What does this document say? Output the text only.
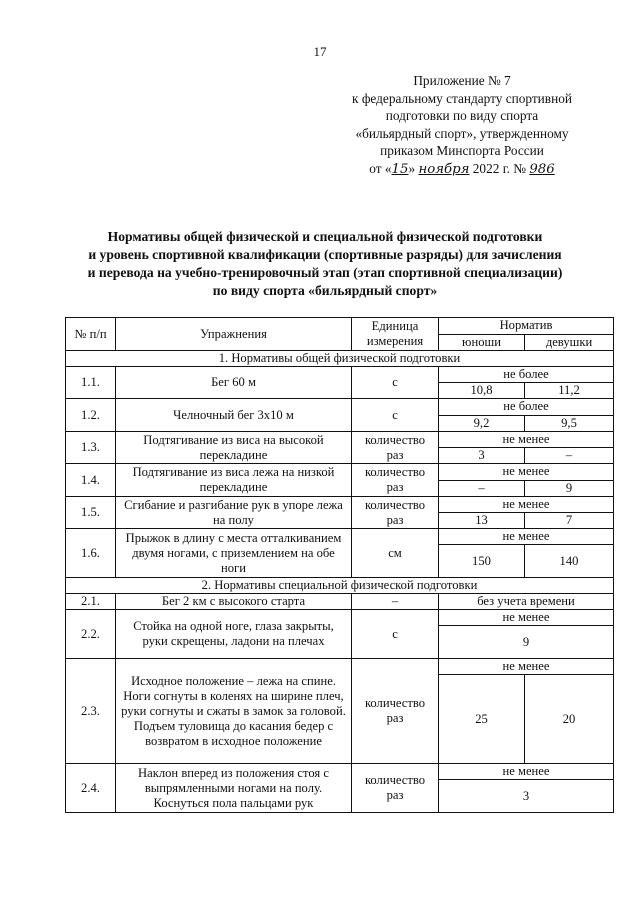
17
Приложение № 7
к федеральному стандарту спортивной
подготовки по виду спорта
«бильярдный спорт», утвержденному
приказом Минспорта России
от «15» ноября 2022 г. № 986
Нормативы общей физической и специальной физической подготовки
и уровень спортивной квалификации (спортивные разряды) для зачисления
и перевода на учебно-тренировочный этап (этап спортивной специализации)
по виду спорта «бильярдный спорт»
№ п/п	Упражнения	Единица измерения	Норматив	
			юноши	девушки
1. Нормативы общей физической подготовки				
1.1.	Бег 60 м	с	не более	
			10,8	11,2
1.2.	Челночный бег 3х10 м	с	не более	
			9,2	9,5
1.3.	Подтягивание из виса на высокой перекладине	количество раз	не менее	
			3	–
1.4.	Подтягивание из виса лежа на низкой перекладине	количество раз	не менее	
			–	9
1.5.	Сгибание и разгибание рук в упоре лежа на полу	количество раз	не менее	
			13	7
1.6.	Прыжок в длину с места отталкиванием двумя ногами, с приземлением на обе ноги	см	не менее	
			150	140
2. Нормативы специальной физической подготовки				
2.1.	Бег 2 км с высокого старта	–	без учета времени	
2.2.	Стойка на одной ноге, глаза закрыты, руки скрещены, ладони на плечах	с	не менее	
			9	
2.3.	Исходное положение – лежа на спине. Ноги согнуты в коленях на ширине плеч, руки согнуты и сжаты в замок за головой. Подъем туловища до касания бедер с возвратом в исходное положение	количество раз	не менее	
			25	20
2.4.	Наклон вперед из положения стоя с выпрямленными ногами на полу. Коснуться пола пальцами рук	количество раз	не менее	
			3	
